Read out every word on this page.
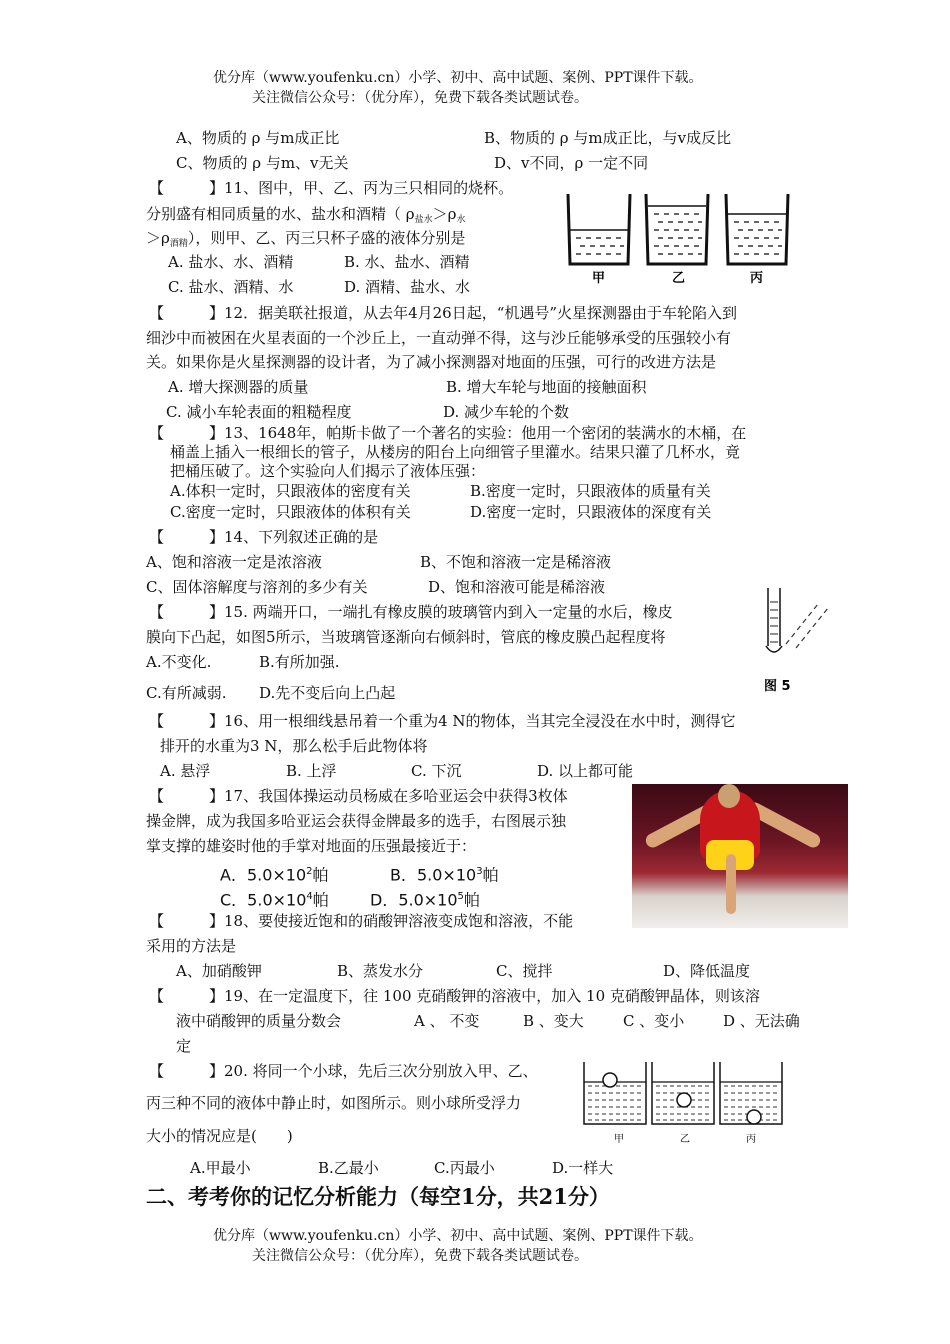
优分库（www.youfenku.cn）小学、初中、高中试题、案例、PPT课件下载。
关注微信公众号：（优分库），免费下载各类试题试卷。
A、物质的 ρ 与m成正比	B、物质的 ρ 与m成正比，与v成反比
C、物质的 ρ 与m、v无关	D、v不同，ρ 一定不同
【　　　】11、图中，甲、乙、丙为三只相同的烧杯。
分别盛有相同质量的水、盐水和酒精（ $\rho_{盐水}>\rho_水$
$>\rho_{酒精}$），则甲、乙、丙三只杯子盛的液体分别是
A. 盐水、水、酒精	B. 水、盐水、酒精
C. 盐水、酒精、水	D. 酒精、盐水、水	甲	乙	丙
【　　　】12．据美联社报道，从去年4月26日起，“机遇号”火星探测器由于车轮陷入到
细沙中而被困在火星表面的一个沙丘上，一直动弹不得，这与沙丘能够承受的压强较小有
关。如果你是火星探测器的设计者，为了减小探测器对地面的压强，可行的改进方法是
A. 增大探测器的质量	B. 增大车轮与地面的接触面积
C. 减小车轮表面的粗糙程度	D. 减少车轮的个数
【　　　】13、1648年，帕斯卡做了一个著名的实验：他用一个密闭的装满水的木桶，在
桶盖上插入一根细长的管子，从楼房的阳台上向细管子里灌水。结果只灌了几杯水，竟
把桶压破了。这个实验向人们揭示了液体压强：
A.体积一定时，只跟液体的密度有关	B.密度一定时，只跟液体的质量有关
C.密度一定时，只跟液体的体积有关	D.密度一定时，只跟液体的深度有关
【　　　】14、下列叙述正确的是
A、饱和溶液一定是浓溶液	B、不饱和溶液一定是稀溶液
C、固体溶解度与溶剂的多少有关	D、饱和溶液可能是稀溶液
【　　　】15. 两端开口，一端扎有橡皮膜的玻璃管内到入一定量的水后，橡皮
膜向下凸起，如图5所示，当玻璃管逐渐向右倾斜时，管底的橡皮膜凸起程度将
A.不变化.	B.有所加强.
C.有所减弱. D.先不变后向上凸起	图 5
【　　　】16、用一根细线悬吊着一个重为4 N的物体，当其完全浸没在水中时，测得它
排开的水重为3 N，那么松手后此物体将
A. 悬浮	B. 上浮	C. 下沉	D. 以上都可能
【　　　】17、我国体操运动员杨威在多哈亚运会中获得3枚体
操金牌，成为我国多哈亚运会获得金牌最多的选手，右图展示独
掌支撑的雄姿时他的手掌对地面的压强最接近于：
A．$5.0\times 10^2$帕	B．$5.0\times 10^3$帕
C．$5.0\times 10^4$帕	D．$5.0\times 10^5$帕
【　　　】18、要使接近饱和的硝酸钾溶液变成饱和溶液，不能
采用的方法是
A、加硝酸钾	B、蒸发水分	C、搅拌	D、降低温度
【　　　】19、在一定温度下，往 100 克硝酸钾的溶液中，加入 10 克硝酸钾晶体，则该溶
液中硝酸钾的质量分数会	A 、 不变	B 、变大	C 、变小	D 、无法确
定
【　　　】20. 将同一个小球，先后三次分别放入甲、乙、
丙三种不同的液体中静止时，如图所示。则小球所受浮力
大小的情况应是(　　)
A.甲最小	B.乙最小	C.丙最小	D.一样大
甲	乙	丙
二、考考你的记忆分析能力（每空1分，共21分）
优分库（www.youfenku.cn）小学、初中、高中试题、案例、PPT课件下载。
关注微信公众号：（优分库），免费下载各类试题试卷。
